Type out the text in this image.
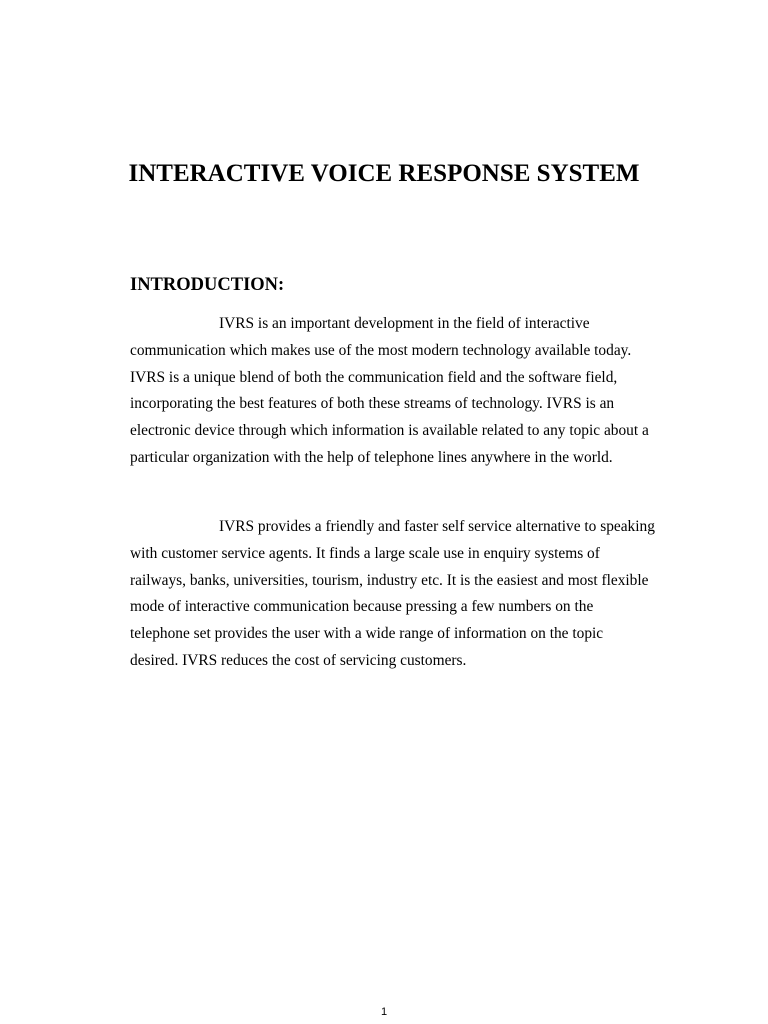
INTERACTIVE VOICE RESPONSE SYSTEM
INTRODUCTION:

IVRS is an important development in the field of interactive communication which makes use of the most modern technology available today. IVRS is a unique blend of both the communication field and the software field, incorporating the best features of both these streams of technology. IVRS is an electronic device through which information is available related to any topic about a particular organization with the help of telephone lines anywhere in the world.

IVRS provides a friendly and faster self service alternative to speaking with customer service agents. It finds a large scale use in enquiry systems of railways, banks, universities, tourism, industry etc. It is the easiest and most flexible mode of interactive communication because pressing a few numbers on the telephone set provides the user with a wide range of information on the topic desired. IVRS reduces the cost of servicing customers.

1
